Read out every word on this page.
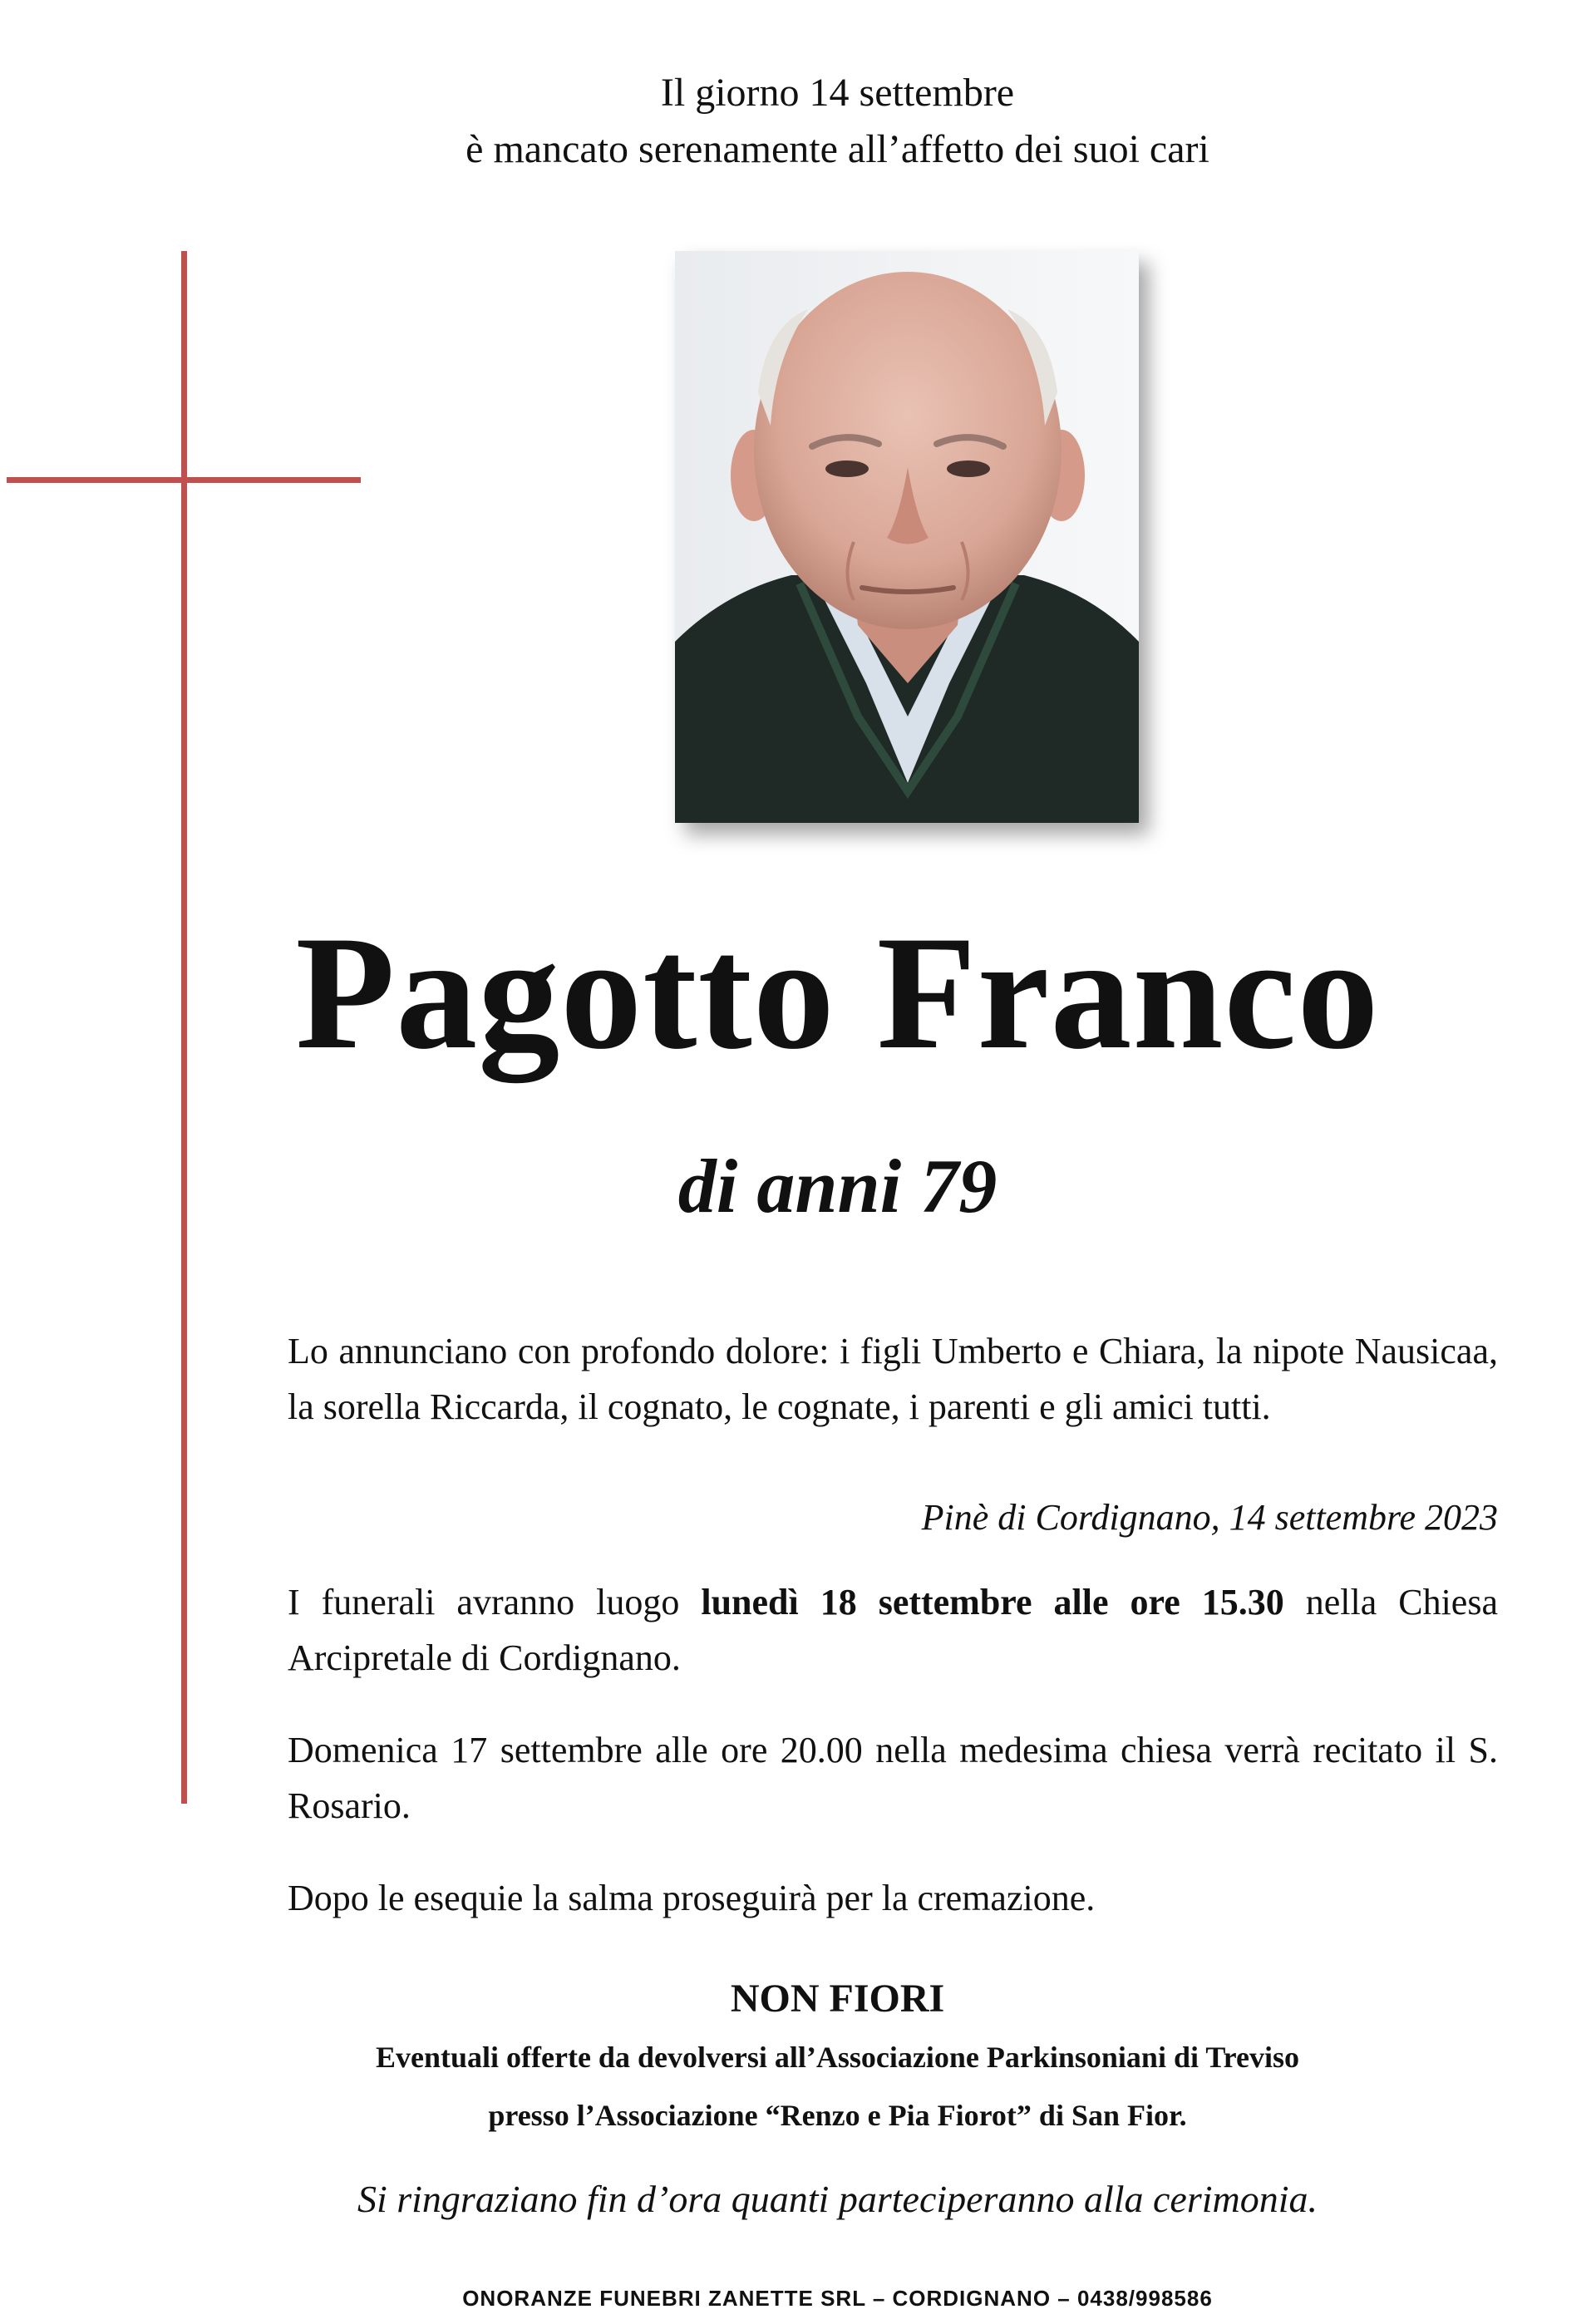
Il giorno 14 settembre
è mancato serenamente all’affetto dei suoi cari
Pagotto Franco
di anni 79
Lo annunciano con profondo dolore: i figli Umberto e Chiara, la nipote Nausicaa, la sorella Riccarda, il cognato, le cognate, i parenti e gli amici tutti.
Pinè di Cordignano, 14 settembre 2023
I funerali avranno luogo lunedì 18 settembre alle ore 15.30 nella Chiesa Arcipretale di Cordignano.
Domenica 17 settembre alle ore 20.00 nella medesima chiesa verrà recitato il S. Rosario.
Dopo le esequie la salma proseguirà per la cremazione.
NON FIORI
Eventuali offerte da devolversi all’Associazione Parkinsoniani di Treviso
presso l’Associazione “Renzo e Pia Fiorot” di San Fior.
Si ringraziano fin d’ora quanti parteciperanno alla cerimonia.
ONORANZE FUNEBRI ZANETTE SRL – CORDIGNANO – 0438/998586
